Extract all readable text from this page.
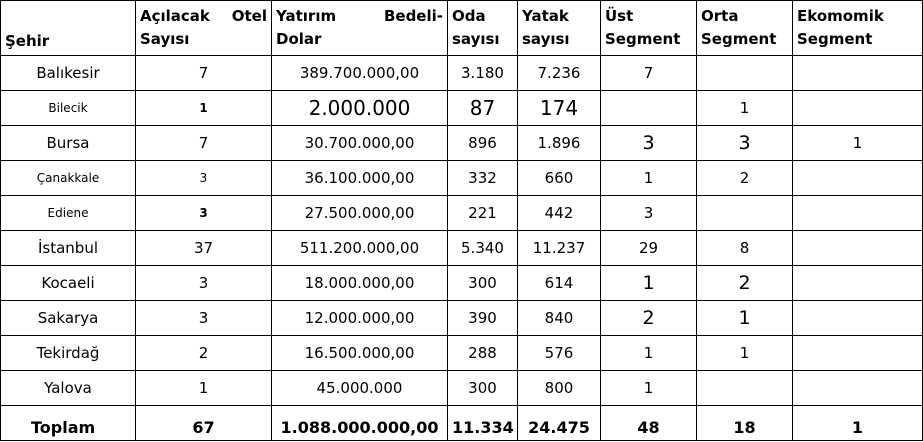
Şehir	Açılacak Otel Sayısı	Yatırım Bedeli-Dolar	Oda sayısı	Yatak sayısı	Üst Segment	Orta Segment	Ekomomik Segment
Balıkesir	7	389.700.000,00	3.180	7.236	7		
Bilecik	1	2.000.000	87	174		1	
Bursa	7	30.700.000,00	896	1.896	3	3	1
Çanakkale	3	36.100.000,00	332	660	1	2	
Ediene	3	27.500.000,00	221	442	3		
İstanbul	37	511.200.000,00	5.340	11.237	29	8	
Kocaeli	3	18.000.000,00	300	614	1	2	
Sakarya	3	12.000.000,00	390	840	2	1	
Tekirdağ	2	16.500.000,00	288	576	1	1	
Yalova	1	45.000.000	300	800	1		
Toplam	67	1.088.000.000,00	11.334	24.475	48	18	1
